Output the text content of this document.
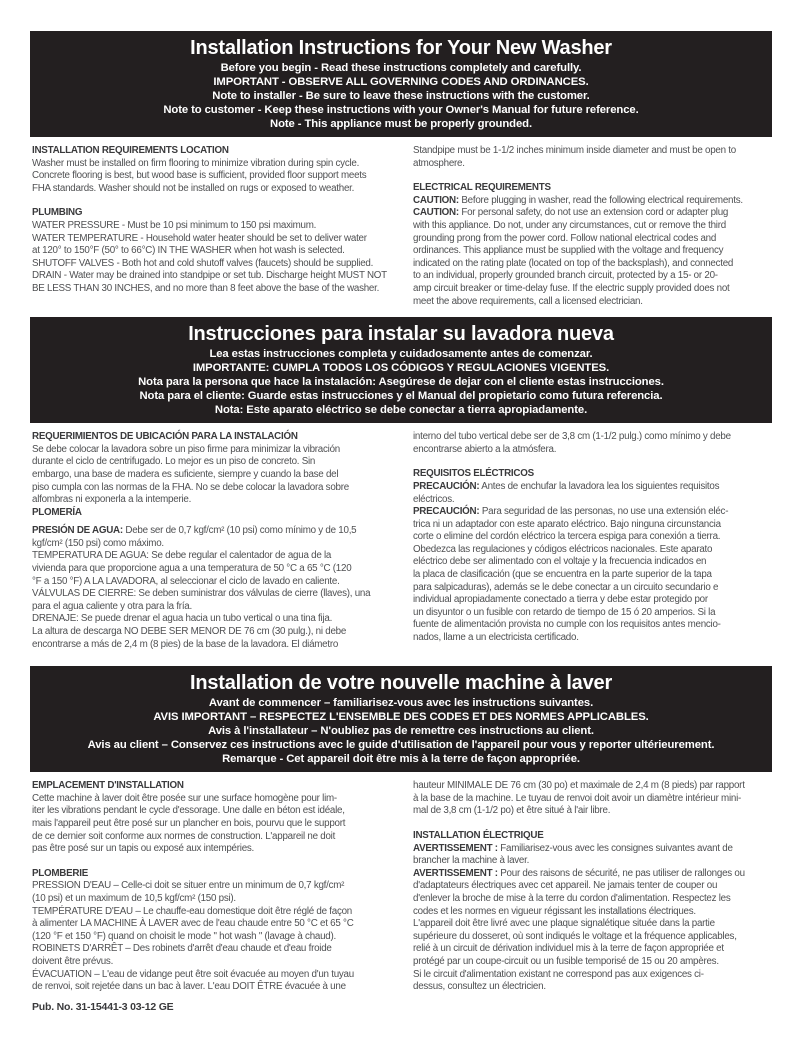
Installation Instructions for Your New Washer
Before you begin - Read these instructions completely and carefully.
IMPORTANT - OBSERVE ALL GOVERNING CODES AND ORDINANCES.
Note to installer - Be sure to leave these instructions with the customer.
Note to customer - Keep these instructions with your Owner's Manual for future reference.
Note - This appliance must be properly grounded.
INSTALLATION REQUIREMENTS LOCATION
Washer must be installed on firm flooring to minimize vibration during spin cycle.
Concrete flooring is best, but wood base is sufficient, provided floor support meets
FHA standards. Washer should not be installed on rugs or exposed to weather.
PLUMBING
WATER PRESSURE - Must be 10 psi minimum to 150 psi maximum.
WATER TEMPERATURE - Household water heater should be set to deliver water
at 120° to 150°F (50° to 66°C) IN THE WASHER when hot wash is selected.
SHUTOFF VALVES - Both hot and cold shutoff valves (faucets) should be supplied.
DRAIN - Water may be drained into standpipe or set tub. Discharge height MUST NOT
BE LESS THAN 30 INCHES, and no more than 8 feet above the base of the washer.
Standpipe must be 1-1/2 inches minimum inside diameter and must be open to
atmosphere.
ELECTRICAL REQUIREMENTS
CAUTION: Before plugging in washer, read the following electrical requirements.
CAUTION: For personal safety, do not use an extension cord or adapter plug
with this appliance. Do not, under any circumstances, cut or remove the third
grounding prong from the power cord. Follow national electrical codes and
ordinances. This appliance must be supplied with the voltage and frequency
indicated on the rating plate (located on top of the backsplash), and connected
to an individual, properly grounded branch circuit, protected by a 15- or 20-
amp circuit breaker or time-delay fuse. If the electric supply provided does not
meet the above requirements, call a licensed electrician.
Instrucciones para instalar su lavadora nueva
Lea estas instrucciones completa y cuidadosamente antes de comenzar.
IMPORTANTE: CUMPLA TODOS LOS CÓDIGOS Y REGULACIONES VIGENTES.
Nota para la persona que hace la instalación: Asegúrese de dejar con el cliente estas instrucciones.
Nota para el cliente: Guarde estas instrucciones y el Manual del propietario como futura referencia.
Nota: Este aparato eléctrico se debe conectar a tierra apropiadamente.
REQUERIMIENTOS DE UBICACIÓN PARA LA INSTALACIÓN
Se debe colocar la lavadora sobre un piso firme para minimizar la vibración
durante el ciclo de centrifugado. Lo mejor es un piso de concreto. Sin
embargo, una base de madera es suficiente, siempre y cuando la base del
piso cumpla con las normas de la FHA. No se debe colocar la lavadora sobre
alfombras ni exponerla a la intemperie.
PLOMERÍA
PRESIÓN DE AGUA: Debe ser de 0,7 kgf/cm² (10 psi) como mínimo y de 10,5
kgf/cm² (150 psi) como máximo.
TEMPERATURA DE AGUA: Se debe regular el calentador de agua de la
vivienda para que proporcione agua a una temperatura de 50 °C a 65 °C (120
°F a 150 °F) A LA LAVADORA, al seleccionar el ciclo de lavado en caliente.
VÁLVULAS DE CIERRE: Se deben suministrar dos válvulas de cierre (llaves), una
para el agua caliente y otra para la fría.
DRENAJE: Se puede drenar el agua hacia un tubo vertical o una tina fija.
La altura de descarga NO DEBE SER MENOR DE 76 cm (30 pulg.), ni debe
encontrarse a más de 2,4 m (8 pies) de la base de la lavadora. El diámetro
interno del tubo vertical debe ser de 3,8 cm (1-1/2 pulg.) como mínimo y debe
encontrarse abierto a la atmósfera.
REQUISITOS ELÉCTRICOS
PRECAUCIÓN: Antes de enchufar la lavadora lea los siguientes requisitos
eléctricos.
PRECAUCIÓN: Para seguridad de las personas, no use una extensión eléc-
trica ni un adaptador con este aparato eléctrico. Bajo ninguna circunstancia
corte o elimine del cordón eléctrico la tercera espiga para conexión a tierra.
Obedezca las regulaciones y códigos eléctricos nacionales. Este aparato
eléctrico debe ser alimentado con el voltaje y la frecuencia indicados en
la placa de clasificación (que se encuentra en la parte superior de la tapa
para salpicaduras), además se le debe conectar a un circuito secundario e
individual apropiadamente conectado a tierra y debe estar protegido por
un disyuntor o un fusible con retardo de tiempo de 15 ó 20 amperios. Si la
fuente de alimentación provista no cumple con los requisitos antes mencio-
nados, llame a un electricista certificado.
Installation de votre nouvelle machine à laver
Avant de commencer – familiarisez-vous avec les instructions suivantes.
AVIS IMPORTANT – RESPECTEZ L'ENSEMBLE DES CODES ET DES NORMES APPLICABLES.
Avis à l'installateur – N'oubliez pas de remettre ces instructions au client.
Avis au client – Conservez ces instructions avec le guide d'utilisation de l'appareil pour vous y reporter ultérieurement.
Remarque - Cet appareil doit être mis à la terre de façon appropriée.
EMPLACEMENT D'INSTALLATION
Cette machine à laver doit être posée sur une surface homogène pour lim-
iter les vibrations pendant le cycle d'essorage. Une dalle en béton est idéale,
mais l'appareil peut être posé sur un plancher en bois, pourvu que le support
de ce dernier soit conforme aux normes de construction. L'appareil ne doit
pas être posé sur un tapis ou exposé aux intempéries.
PLOMBERIE
PRESSION D'EAU – Celle-ci doit se situer entre un minimum de 0,7 kgf/cm²
(10 psi) et un maximum de 10,5 kgf/cm² (150 psi).
TEMPÉRATURE D'EAU – Le chauffe-eau domestique doit être réglé de façon
à alimenter LA MACHINE À LAVER avec de l'eau chaude entre 50 °C et 65 °C
(120 °F et 150 °F) quand on choisit le mode " hot wash " (lavage à chaud).
ROBINETS D'ARRÊT – Des robinets d'arrêt d'eau chaude et d'eau froide
doivent être prévus.
ÉVACUATION – L'eau de vidange peut être soit évacuée au moyen d'un tuyau
de renvoi, soit rejetée dans un bac à laver. L'eau DOIT ÊTRE évacuée à une
hauteur MINIMALE DE 76 cm (30 po) et maximale de 2,4 m (8 pieds) par rapport
à la base de la machine. Le tuyau de renvoi doit avoir un diamètre intérieur mini-
mal de 3,8 cm (1-1/2 po) et être situé à l'air libre.
INSTALLATION ÉLECTRIQUE
AVERTISSEMENT : Familiarisez-vous avec les consignes suivantes avant de
brancher la machine à laver.
AVERTISSEMENT : Pour des raisons de sécurité, ne pas utiliser de rallonges ou
d'adaptateurs électriques avec cet appareil. Ne jamais tenter de couper ou
d'enlever la broche de mise à la terre du cordon d'alimentation. Respectez les
codes et les normes en vigueur régissant les installations électriques.
L'appareil doit être livré avec une plaque signalétique située dans la partie
supérieure du dosseret, où sont indiqués le voltage et la fréquence applicables,
relié à un circuit de dérivation individuel mis à la terre de façon appropriée et
protégé par un coupe-circuit ou un fusible temporisé de 15 ou 20 ampères.
Si le circuit d'alimentation existant ne correspond pas aux exigences ci-
dessus, consultez un électricien.
Pub. No. 31-15441-3 03-12 GE
